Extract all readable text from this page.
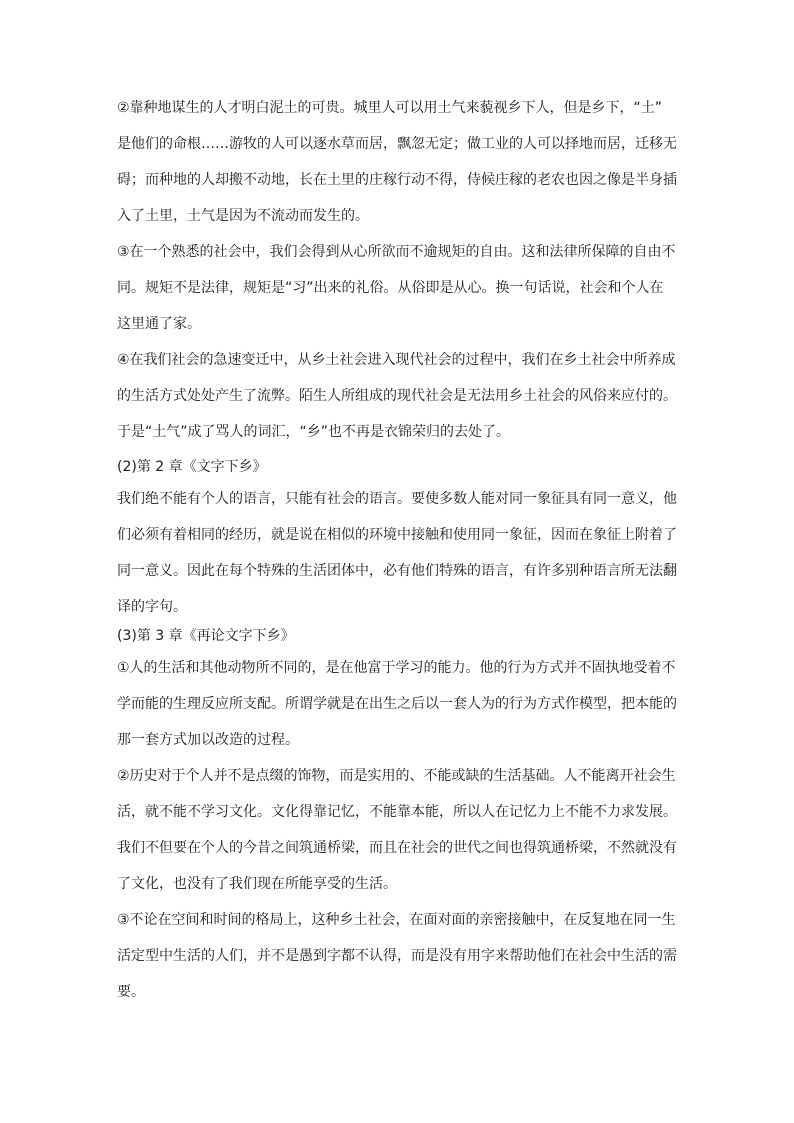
②靠种地谋生的人才明白泥土的可贵。城里人可以用土气来藐视乡下人，但是乡下，“土”
是他们的命根……游牧的人可以逐水草而居，飘忽无定；做工业的人可以择地而居，迁移无
碍；而种地的人却搬不动地，长在土里的庄稼行动不得，侍候庄稼的老农也因之像是半身插
入了土里，土气是因为不流动而发生的。
③在一个熟悉的社会中，我们会得到从心所欲而不逾规矩的自由。这和法律所保障的自由不
同。规矩不是法律，规矩是“习”出来的礼俗。从俗即是从心。换一句话说，社会和个人在
这里通了家。
④在我们社会的急速变迁中，从乡土社会进入现代社会的过程中，我们在乡土社会中所养成
的生活方式处处产生了流弊。陌生人所组成的现代社会是无法用乡土社会的风俗来应付的。
于是“土气”成了骂人的词汇，“乡”也不再是衣锦荣归的去处了。
(2)第 2 章《文字下乡》
我们绝不能有个人的语言，只能有社会的语言。要使多数人能对同一象征具有同一意义，他
们必须有着相同的经历，就是说在相似的环境中接触和使用同一象征，因而在象征上附着了
同一意义。因此在每个特殊的生活团体中，必有他们特殊的语言，有许多别种语言所无法翻
译的字句。
(3)第 3 章《再论文字下乡》
①人的生活和其他动物所不同的，是在他富于学习的能力。他的行为方式并不固执地受着不
学而能的生理反应所支配。所谓学就是在出生之后以一套人为的行为方式作模型，把本能的
那一套方式加以改造的过程。
②历史对于个人并不是点缀的饰物，而是实用的、不能或缺的生活基础。人不能离开社会生
活，就不能不学习文化。文化得靠记忆，不能靠本能，所以人在记忆力上不能不力求发展。
我们不但要在个人的今昔之间筑通桥梁，而且在社会的世代之间也得筑通桥梁，不然就没有
了文化，也没有了我们现在所能享受的生活。
③不论在空间和时间的格局上，这种乡土社会，在面对面的亲密接触中，在反复地在同一生
活定型中生活的人们，并不是愚到字都不认得，而是没有用字来帮助他们在社会中生活的需
要。
